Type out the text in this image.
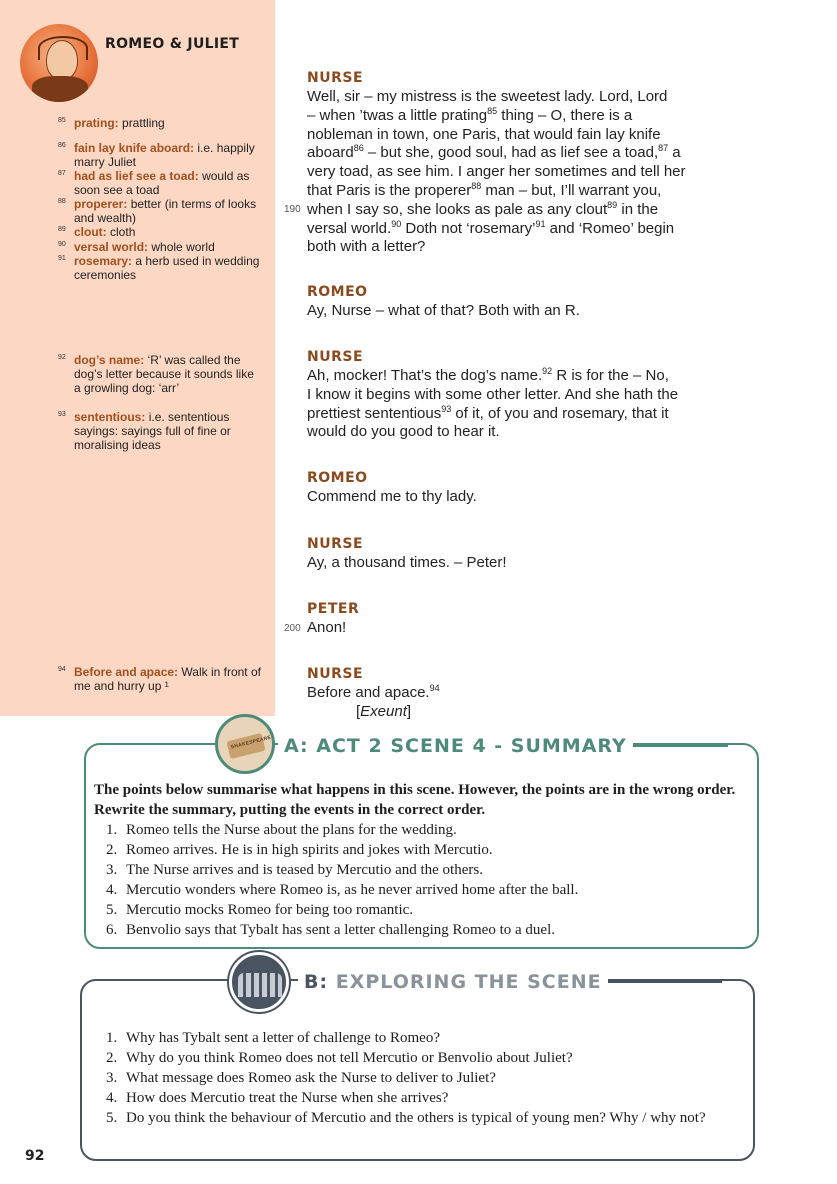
ROMEO & JULIET
85 prating: prattling
86 fain lay knife aboard: i.e. happily marry Juliet
87 had as lief see a toad: would as soon see a toad
88 properer: better (in terms of looks and wealth)
89 clout: cloth
90 versal world: whole world
91 rosemary: a herb used in wedding ceremonies
92 dog’s name: ‘R’ was called the dog’s letter because it sounds like a growling dog: ‘arr’
93 sententious: i.e. sententious sayings: sayings full of fine or moralising ideas
94 Before and apace: Walk in front of me and hurry up ¹
NURSE
Well, sir – my mistress is the sweetest lady. Lord, Lord
– when ’twas a little prating$^{85}$ thing – O, there is a
nobleman in town, one Paris, that would fain lay knife
aboard$^{86}$ – but she, good soul, had as lief see a toad,$^{87}$ a
very toad, as see him. I anger her sometimes and tell her
that Paris is the properer$^{88}$ man – but, I’ll warrant you,
when I say so, she looks as pale as any clout$^{89}$ in the
versal world.$^{90}$ Doth not ‘rosemary’$^{91}$ and ‘Romeo’ begin
both with a letter?
190
ROMEO
Ay, Nurse – what of that? Both with an R.
NURSE
Ah, mocker! That’s the dog’s name.$^{92}$ R is for the – No,
I know it begins with some other letter. And she hath the
prettiest sententious$^{93}$ of it, of you and rosemary, that it
would do you good to hear it.
ROMEO
Commend me to thy lady.
NURSE
Ay, a thousand times. – Peter!
PETER
200 Anon!
NURSE
Before and apace.$^{94}$
[Exeunt]
SHAKESPEARE A: ACT 2 SCENE 4 - SUMMARY
The points below summarise what happens in this scene. However, the points are in the wrong order. Rewrite the summary, putting the events in the correct order.
1. Romeo tells the Nurse about the plans for the wedding.
2. Romeo arrives. He is in high spirits and jokes with Mercutio.
3. The Nurse arrives and is teased by Mercutio and the others.
4. Mercutio wonders where Romeo is, as he never arrived home after the ball.
5. Mercutio mocks Romeo for being too romantic.
6. Benvolio says that Tybalt has sent a letter challenging Romeo to a duel.
B: EXPLORING THE SCENE
1. Why has Tybalt sent a letter of challenge to Romeo?
2. Why do you think Romeo does not tell Mercutio or Benvolio about Juliet?
3. What message does Romeo ask the Nurse to deliver to Juliet?
4. How does Mercutio treat the Nurse when she arrives?
5. Do you think the behaviour of Mercutio and the others is typical of young men? Why / why not?
92
